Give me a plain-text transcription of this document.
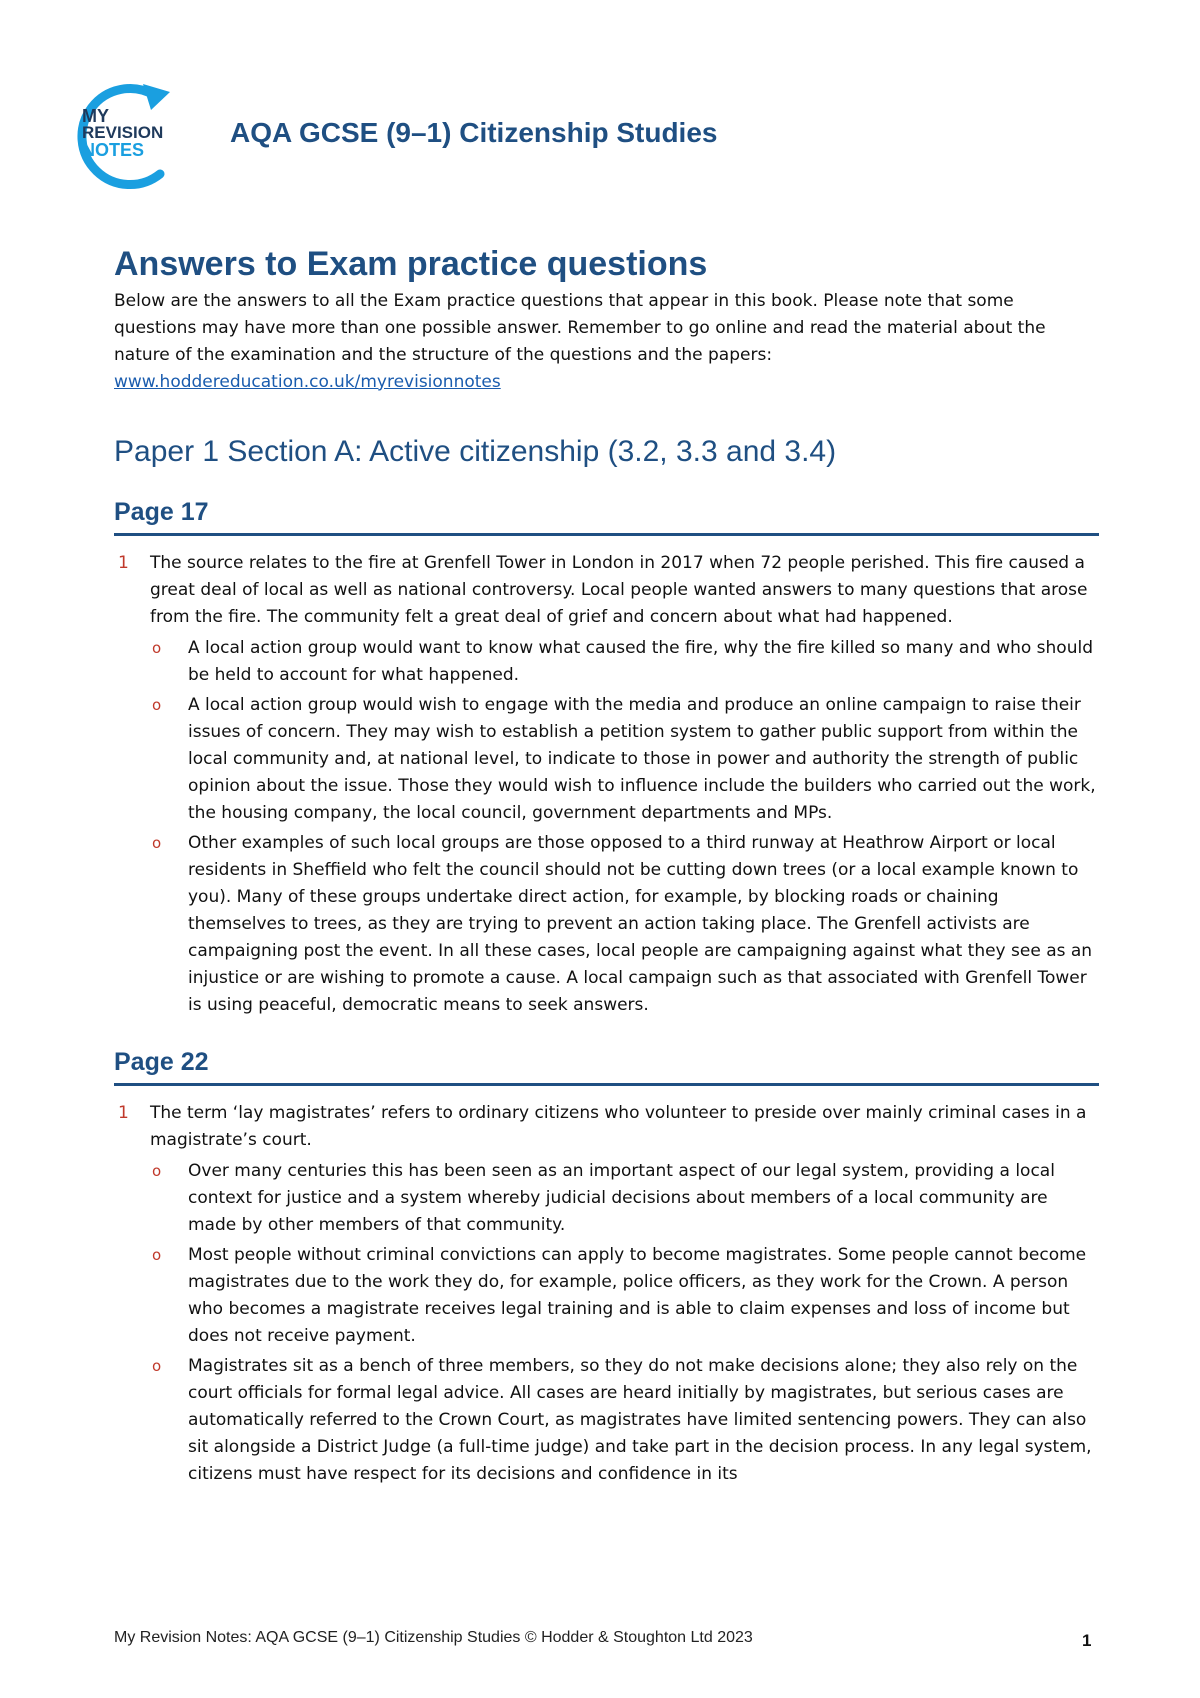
MY
REVISION
NOTES
AQA GCSE (9–1) Citizenship Studies
Answers to Exam practice questions

Below are the answers to all the Exam practice questions that appear in this book. Please note that some questions may have more than one possible answer. Remember to go online and read the material about the nature of the examination and the structure of the questions and the papers:
www.hoddereducation.co.uk/myrevisionnotes

Paper 1 Section A: Active citizenship (3.2, 3.3 and 3.4)
Page 17
1 The source relates to the fire at Grenfell Tower in London in 2017 when 72 people perished. This fire caused a great deal of local as well as national controversy. Local people wanted answers to many questions that arose from the fire. The community felt a great deal of grief and concern about what had happened.
o A local action group would want to know what caused the fire, why the fire killed so many and who should be held to account for what happened.
o A local action group would wish to engage with the media and produce an online campaign to raise their issues of concern. They may wish to establish a petition system to gather public support from within the local community and, at national level, to indicate to those in power and authority the strength of public opinion about the issue. Those they would wish to influence include the builders who carried out the work, the housing company, the local council, government departments and MPs.
o Other examples of such local groups are those opposed to a third runway at Heathrow Airport or local residents in Sheffield who felt the council should not be cutting down trees (or a local example known to you). Many of these groups undertake direct action, for example, by blocking roads or chaining themselves to trees, as they are trying to prevent an action taking place. The Grenfell activists are campaigning post the event. In all these cases, local people are campaigning against what they see as an injustice or are wishing to promote a cause. A local campaign such as that associated with Grenfell Tower is using peaceful, democratic means to seek answers.
Page 22
1 The term ‘lay magistrates’ refers to ordinary citizens who volunteer to preside over mainly criminal cases in a magistrate’s court.
o Over many centuries this has been seen as an important aspect of our legal system, providing a local context for justice and a system whereby judicial decisions about members of a local community are made by other members of that community.
o Most people without criminal convictions can apply to become magistrates. Some people cannot become magistrates due to the work they do, for example, police officers, as they work for the Crown. A person who becomes a magistrate receives legal training and is able to claim expenses and loss of income but does not receive payment.
o Magistrates sit as a bench of three members, so they do not make decisions alone; they also rely on the court officials for formal legal advice. All cases are heard initially by magistrates, but serious cases are automatically referred to the Crown Court, as magistrates have limited sentencing powers. They can also sit alongside a District Judge (a full-time judge) and take part in the decision process. In any legal system, citizens must have respect for its decisions and confidence in its
My Revision Notes: AQA GCSE (9–1) Citizenship Studies © Hodder & Stoughton Ltd 2023	1
